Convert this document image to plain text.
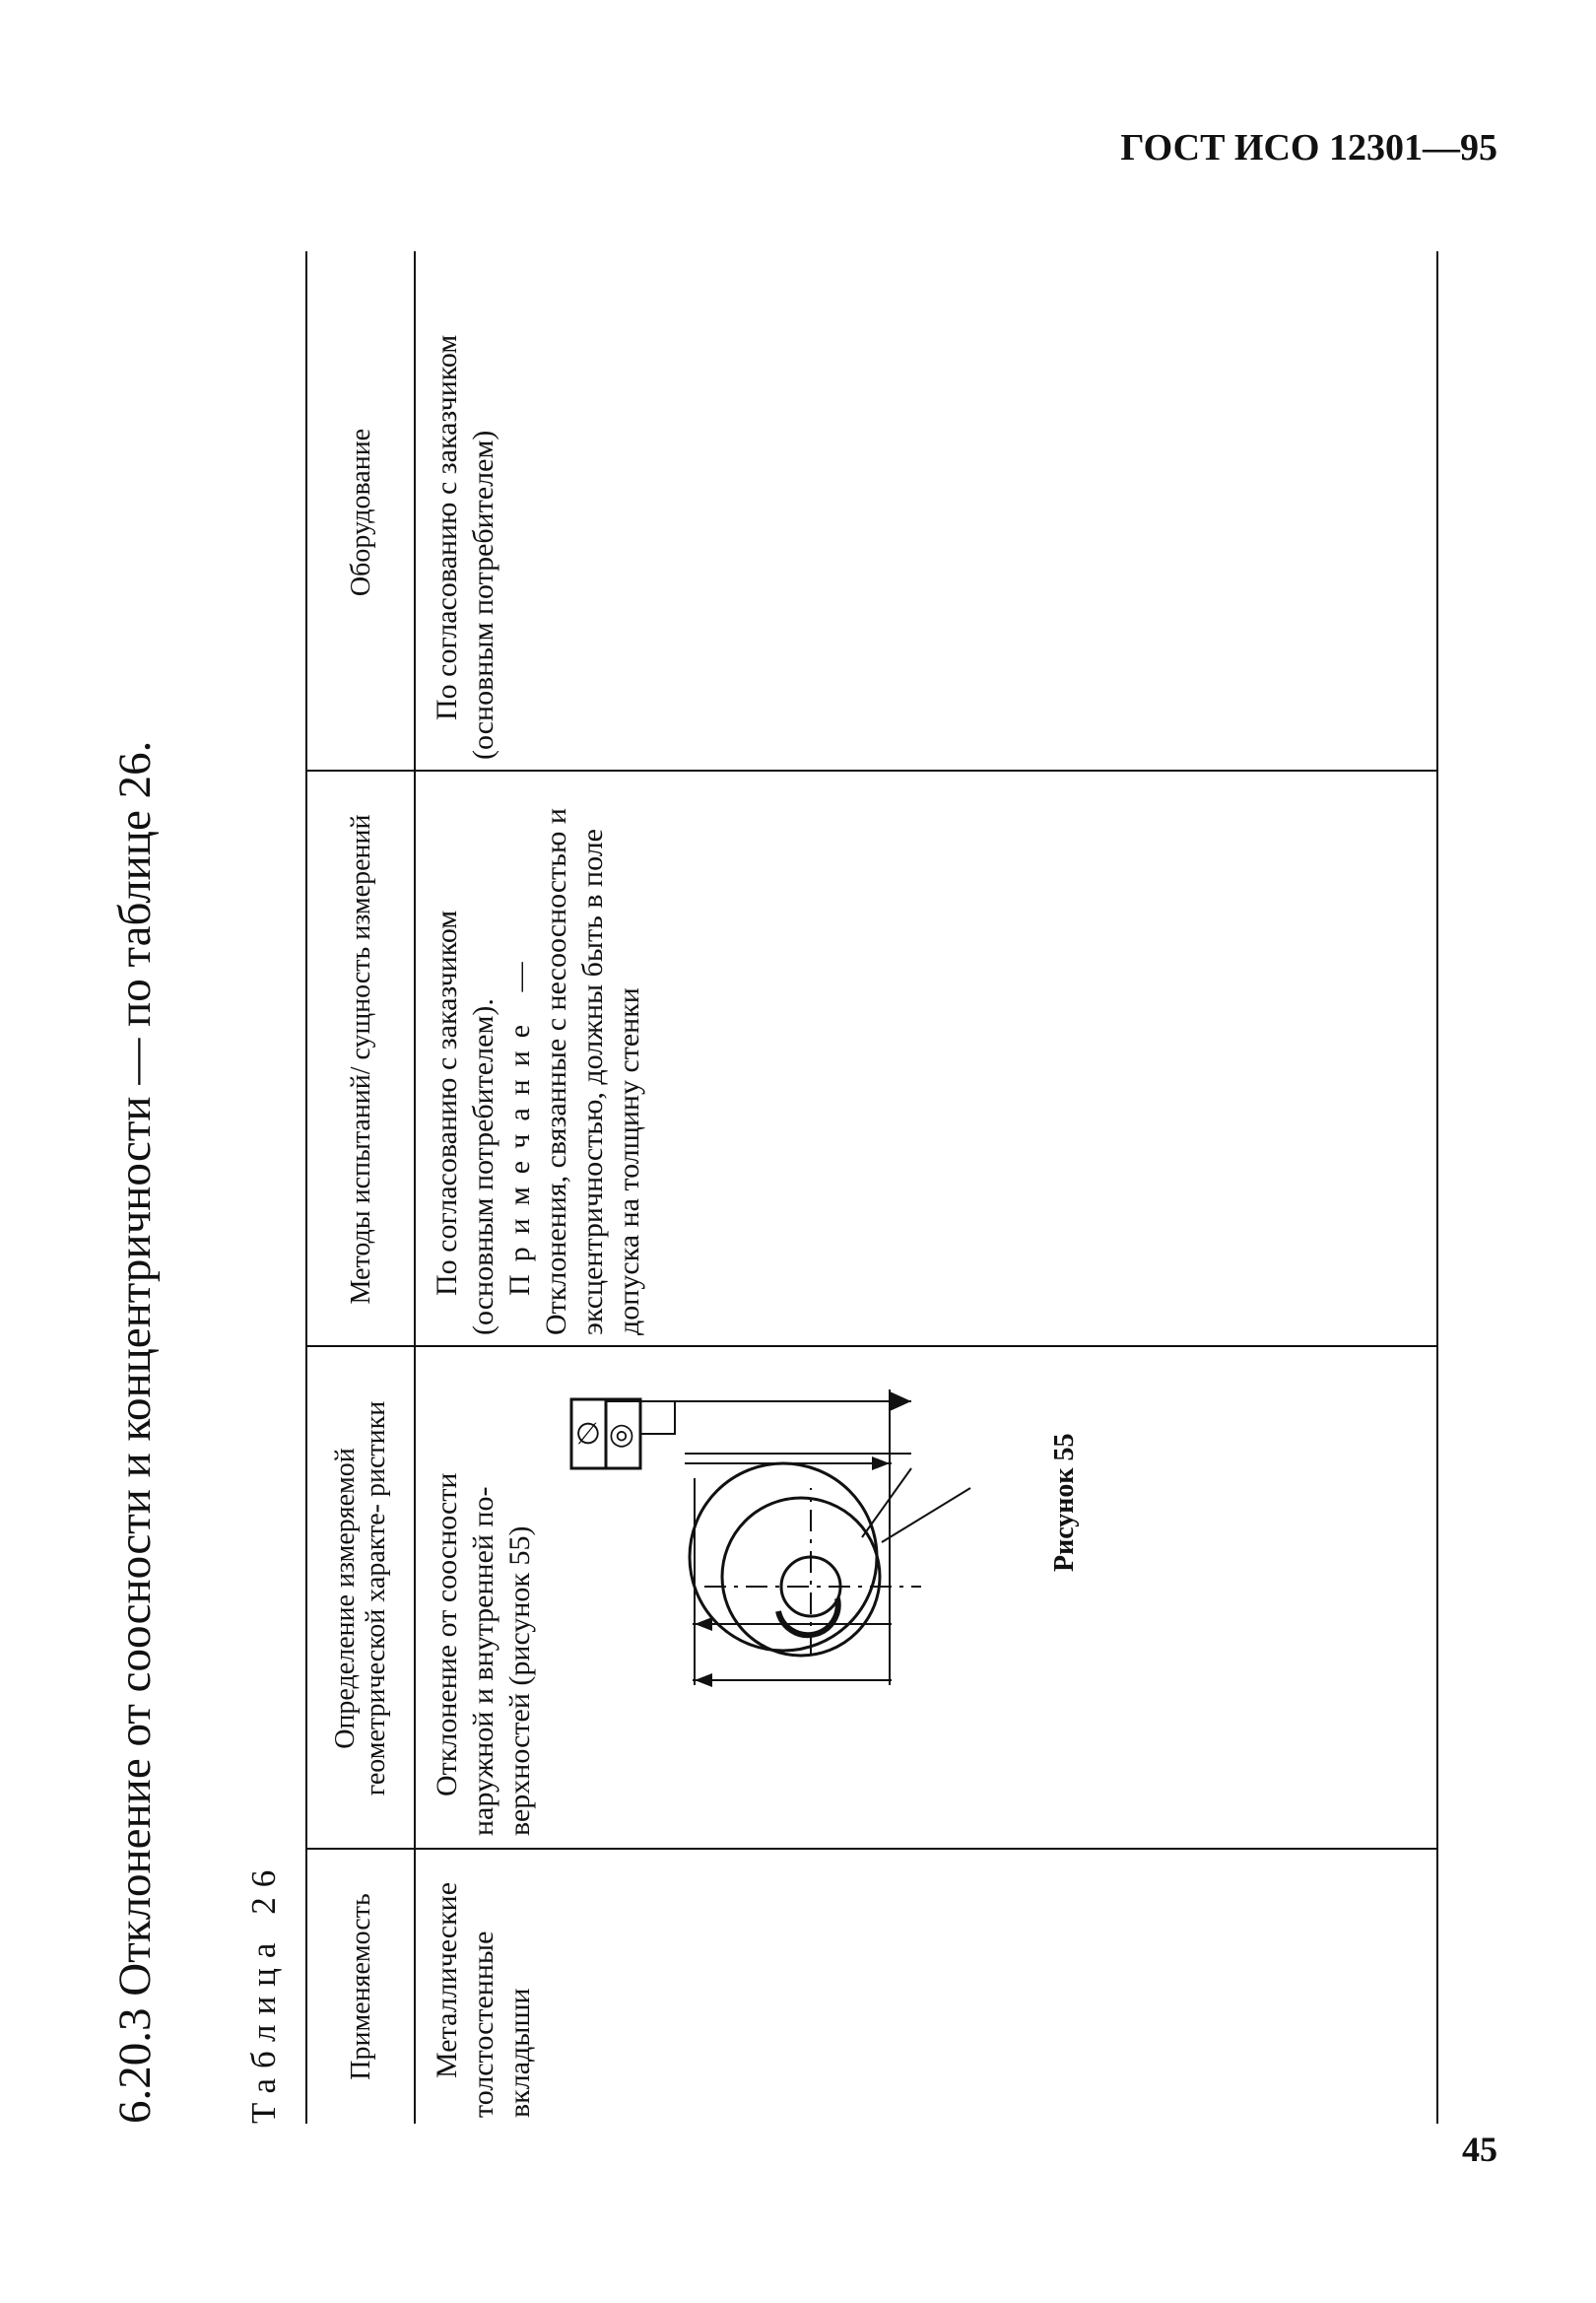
ГОСТ ИСО 12301—95
6.20.3 Отклонение от соосности и концентричности — по таблице 26. Таблица 26	Применяемость
Определение измеряемой геометрической характе- ристики
Методы испытаний/ сущность измерений
Оборудование
Металлические толстостенные вкладыши
Отклонение от соосности наружной и внутренней по- верхностей (рисунок 55)

По согласованию с заказчиком (основным потребителем). Примечание — Отклонения, связанные с несоосностью и эксцентричностью, должны быть в поле допуска на толщину стенки

По согласованию с заказчиком (основным потребителем)
◎
∅	Рисунок 55
45
